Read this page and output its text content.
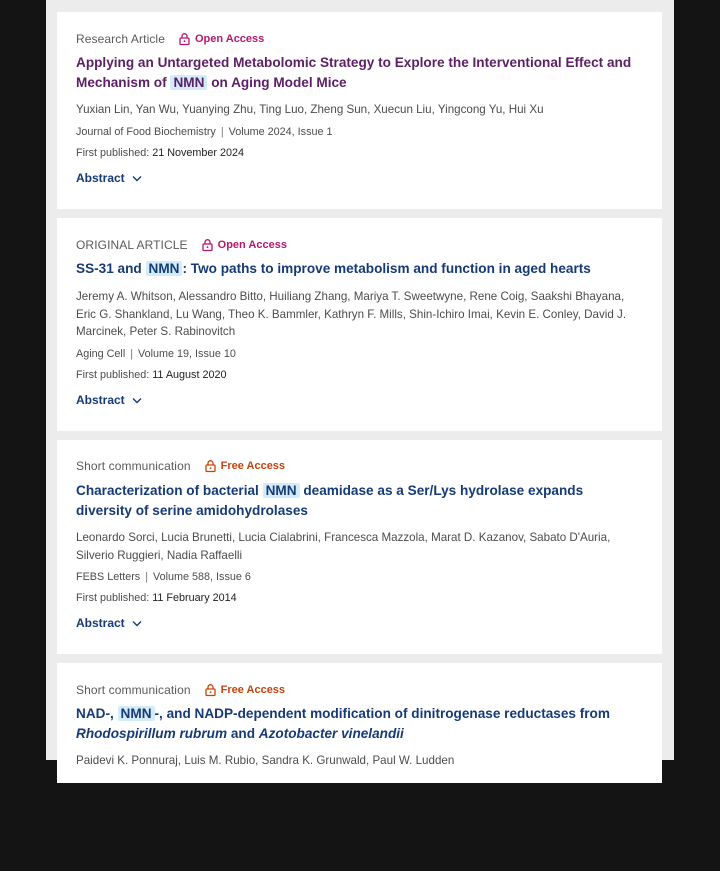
Research Article	Open Access
Applying an Untargeted Metabolomic Strategy to Explore the Interventional Effect and Mechanism of NMN on Aging Model Mice
Yuxian Lin, Yan Wu, Yuanying Zhu, Ting Luo, Zheng Sun, Xuecun Liu, Yingcong Yu, Hui Xu
Journal of Food Biochemistry | Volume 2024, Issue 1
First published: 21 November 2024
Abstract
ORIGINAL ARTICLE	Open Access
SS-31 and NMN : Two paths to improve metabolism and function in aged hearts
Jeremy A. Whitson, Alessandro Bitto, Huiliang Zhang, Mariya T. Sweetwyne, Rene Coig, Saakshi Bhayana, Eric G. Shankland, Lu Wang, Theo K. Bammler, Kathryn F. Mills, Shin-Ichiro Imai, Kevin E. Conley, David J. Marcinek, Peter S. Rabinovitch
Aging Cell | Volume 19, Issue 10
First published: 11 August 2020
Abstract
Short communication	Free Access
Characterization of bacterial NMN deamidase as a Ser/Lys hydrolase expands diversity of serine amidohydrolases
Leonardo Sorci, Lucia Brunetti, Lucia Cialabrini, Francesca Mazzola, Marat D. Kazanov, Sabato D'Auria, Silverio Ruggieri, Nadia Raffaelli
FEBS Letters | Volume 588, Issue 6
First published: 11 February 2014
Abstract
Short communication	Free Access
NAD-, NMN -, and NADP-dependent modification of dinitrogenase reductases from Rhodospirillum rubrum and Azotobacter vinelandii
Paidevi K. Ponnuraj, Luis M. Rubio, Sandra K. Grunwald, Paul W. Ludden
